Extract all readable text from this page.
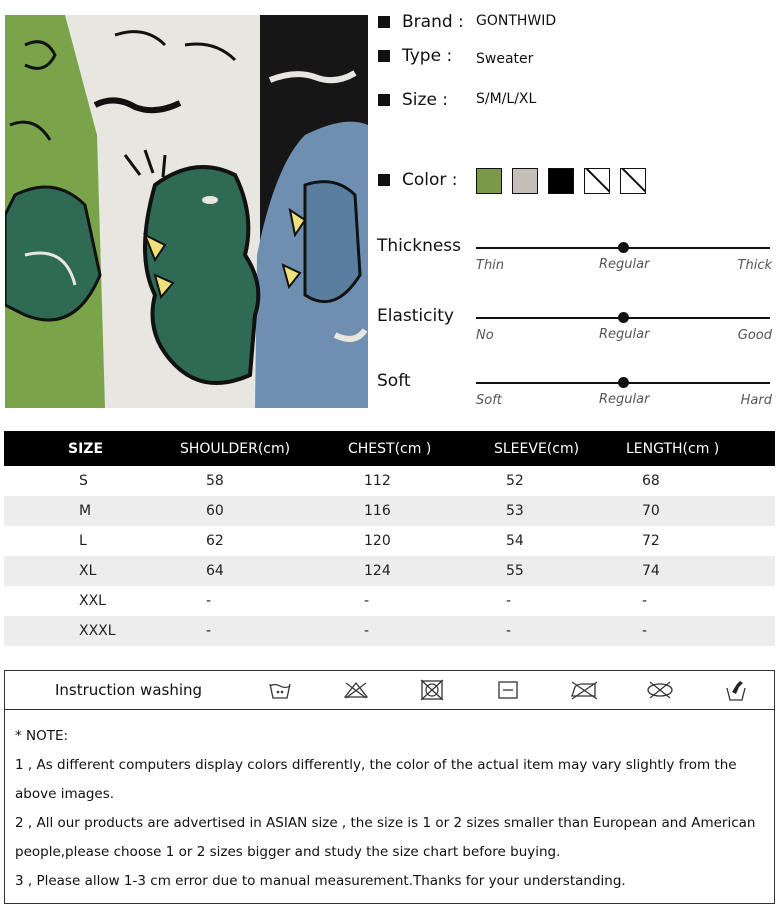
Brand : GONTHWID
Type :	Sweater
Size :	S/M/L/XL
Color :
Thickness
Thin	Regular	Thick
Elasticity
No	Regular	Good
Soft
Soft	Regular	Hard
SIZE	SHOULDER(cm)	CHEST(cm )	SLEEVE(cm)	LENGTH(cm )
S	58	112	52	68
M	60	116	53	70
L	62	120	54	72
XL	64	124	55	74
XXL	-	-	-	-
XXXL	-	-	-	-
Instruction washing
* NOTE:
1 , As different computers display colors differently, the color of the actual item may vary slightly from the above images.
2 , All our products are advertised in ASIAN size , the size is 1 or 2 sizes smaller than European and American people,please choose 1 or 2 sizes bigger and study the size chart before buying.
3 , Please allow 1-3 cm error due to manual measurement.Thanks for your understanding.
